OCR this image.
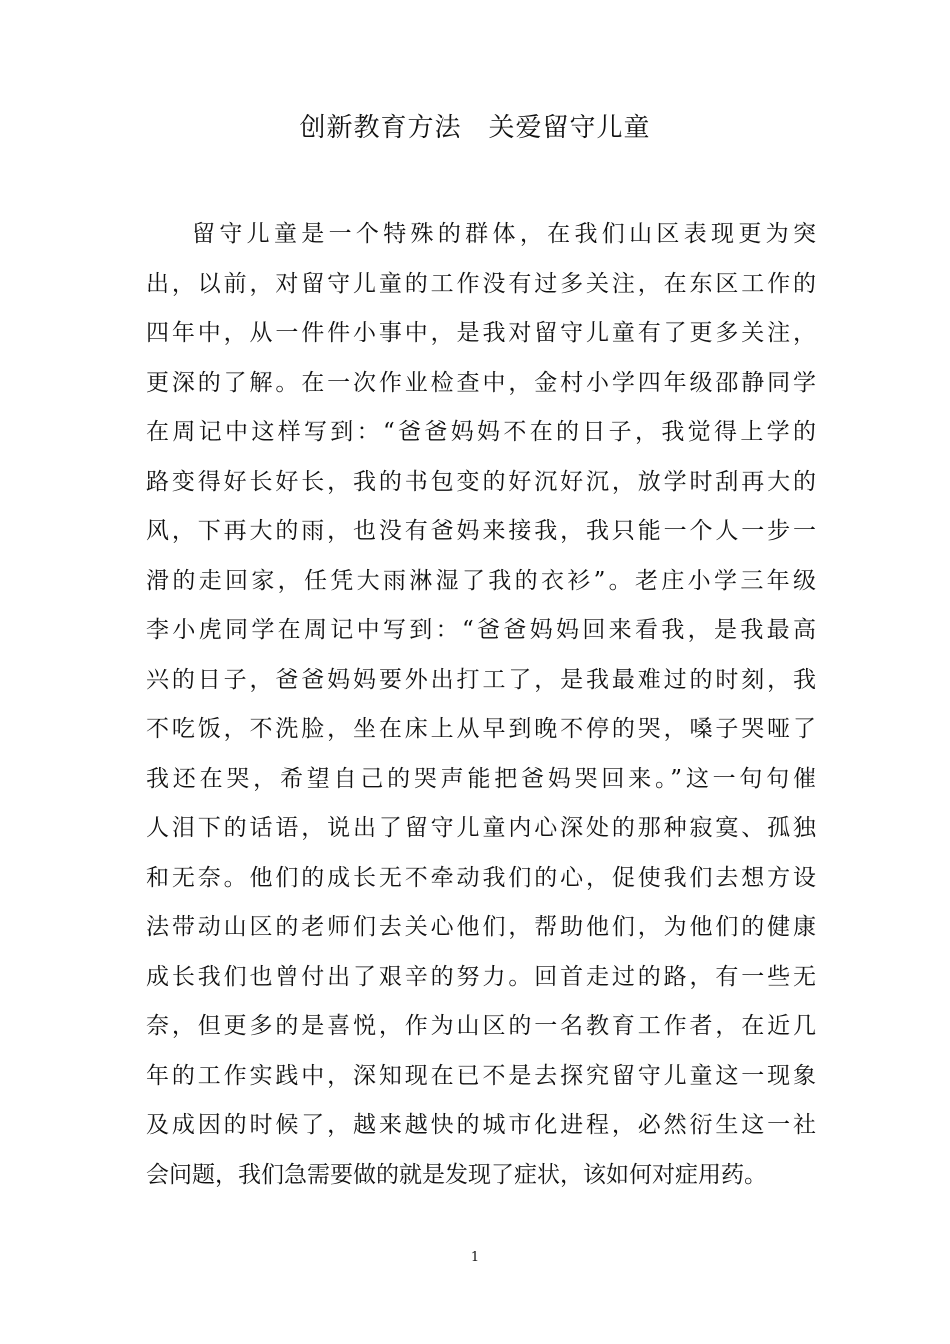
创新教育方法　关爱留守儿童
留守儿童是一个特殊的群体，在我们山区表现更为突
出，以前，对留守儿童的工作没有过多关注，在东区工作的
四年中，从一件件小事中，是我对留守儿童有了更多关注，
更深的了解。在一次作业检查中，金村小学四年级邵静同学
在周记中这样写到：“爸爸妈妈不在的日子，我觉得上学的
路变得好长好长，我的书包变的好沉好沉，放学时刮再大的
风，下再大的雨，也没有爸妈来接我，我只能一个人一步一
滑的走回家，任凭大雨淋湿了我的衣衫”。老庄小学三年级
李小虎同学在周记中写到：“爸爸妈妈回来看我，是我最高
兴的日子，爸爸妈妈要外出打工了，是我最难过的时刻，我
不吃饭，不洗脸，坐在床上从早到晚不停的哭，嗓子哭哑了
我还在哭，希望自己的哭声能把爸妈哭回来。”这一句句催
人泪下的话语，说出了留守儿童内心深处的那种寂寞、孤独
和无奈。他们的成长无不牵动我们的心，促使我们去想方设
法带动山区的老师们去关心他们，帮助他们，为他们的健康
成长我们也曾付出了艰辛的努力。回首走过的路，有一些无
奈，但更多的是喜悦，作为山区的一名教育工作者，在近几
年的工作实践中，深知现在已不是去探究留守儿童这一现象
及成因的时候了，越来越快的城市化进程，必然衍生这一社
会问题，我们急需要做的就是发现了症状，该如何对症用药。
1
